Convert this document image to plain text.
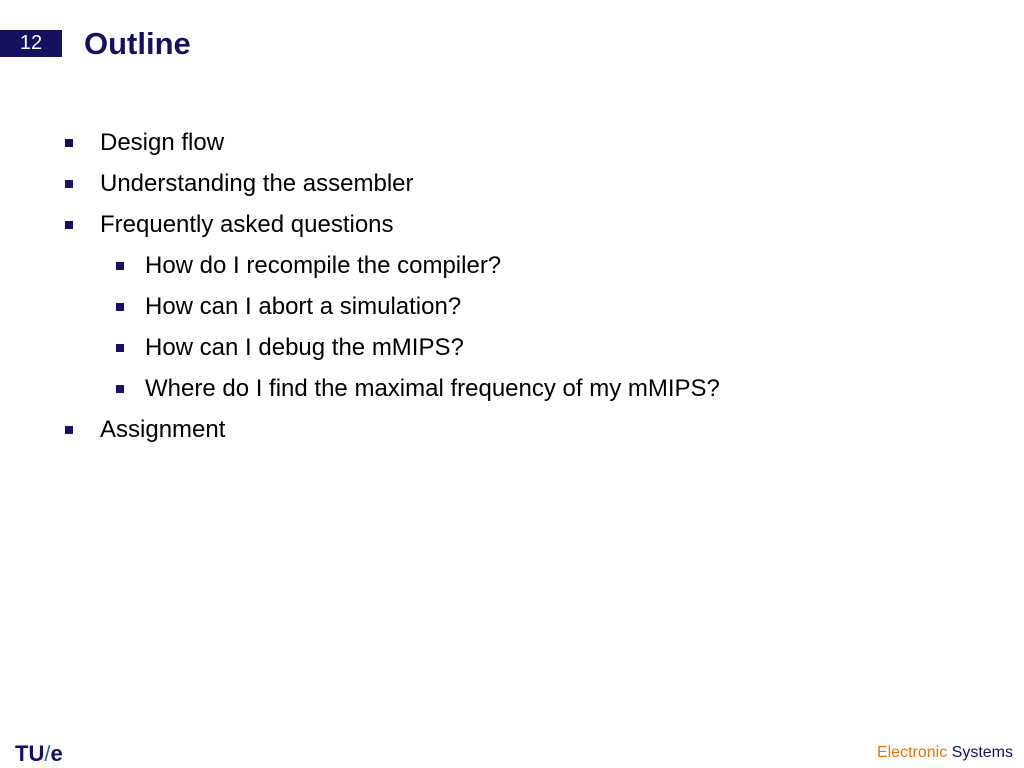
12	Outline
Design flow
Understanding the assembler
Frequently asked questions
How do I recompile the compiler?
How can I abort a simulation?
How can I debug the mMIPS?
Where do I find the maximal frequency of my mMIPS?
Assignment
TU/e	Electronic Systems
